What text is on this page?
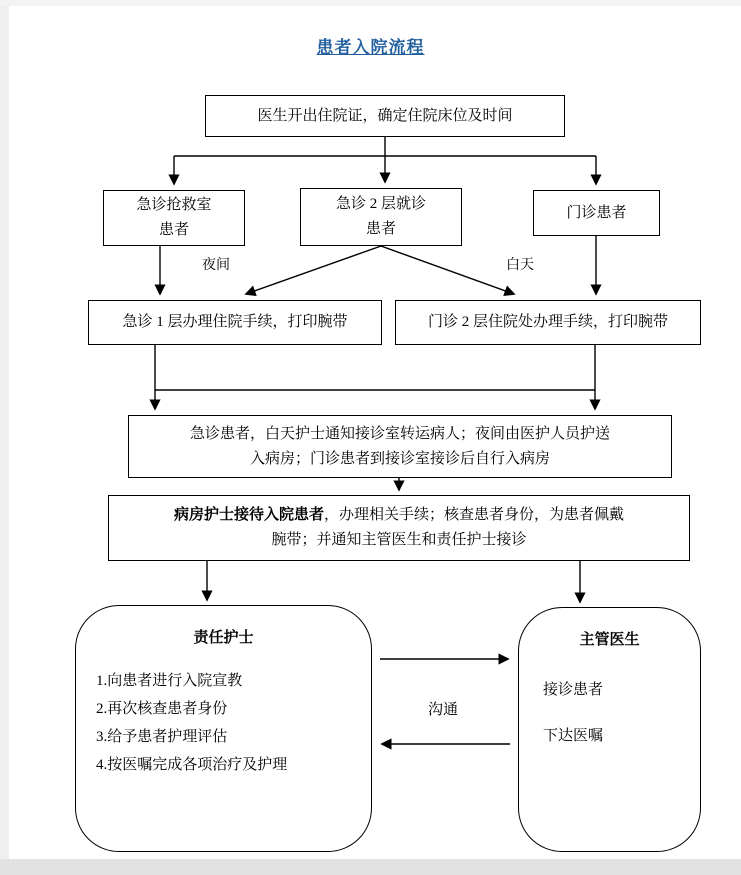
患者入院流程
医生开出住院证，确定住院床位及时间
急诊抢救室
患者
急诊 2 层就诊
患者
门诊患者
夜间	白天
急诊 1 层办理住院手续，打印腕带	门诊 2 层住院处办理手续，打印腕带
急诊患者，白天护士通知接诊室转运病人；夜间由医护人员护送
入病房；门诊患者到接诊室接诊后自行入病房
病房护士接待入院患者，办理相关手续；核查患者身份，为患者佩戴
腕带；并通知主管医生和责任护士接诊
责任护士
1.向患者进行入院宣教
2.再次核查患者身份
3.给予患者护理评估
4.按医嘱完成各项治疗及护理
主管医生
接诊患者
下达医嘱
沟通
